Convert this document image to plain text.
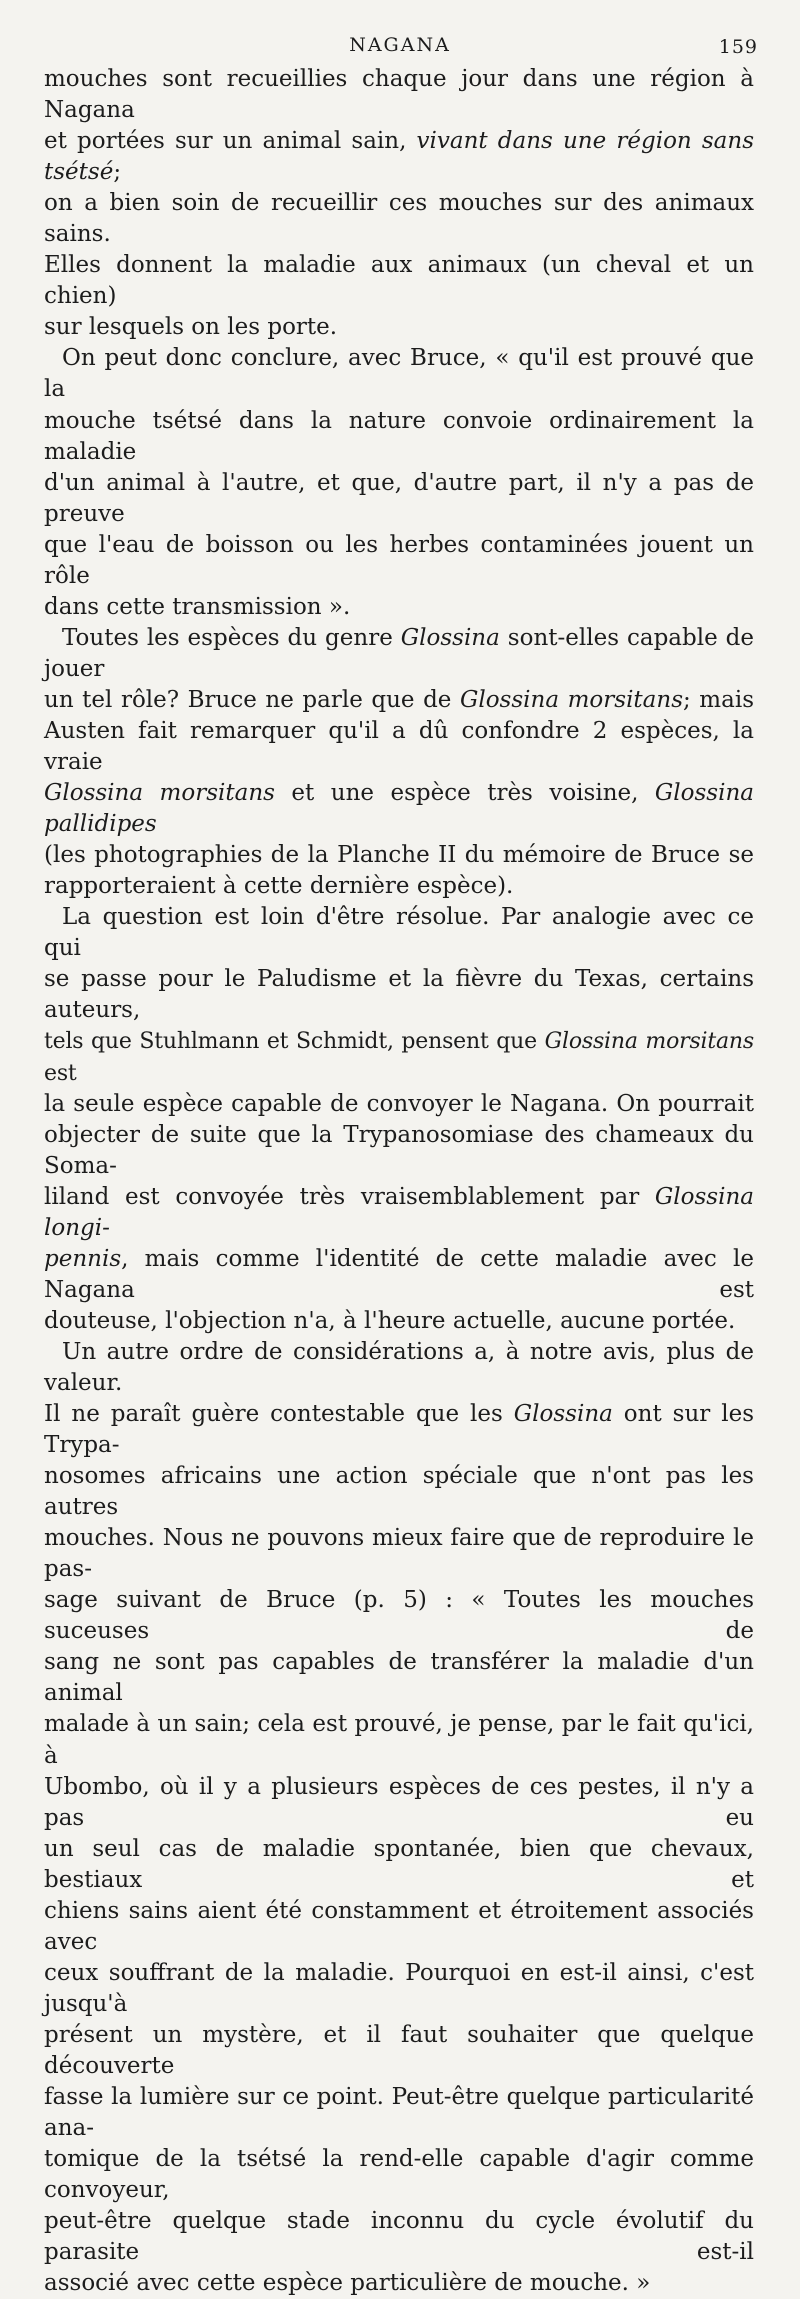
NAGANA	159

mouches sont recueillies chaque jour dans une région à Nagana

et portées sur un animal sain, vivant dans une région sans tsétsé;

on a bien soin de recueillir ces mouches sur des animaux sains.

Elles donnent la maladie aux animaux (un cheval et un chien)

sur lesquels on les porte.

On peut donc conclure, avec Bruce, « qu'il est prouvé que la

mouche tsétsé dans la nature convoie ordinairement la maladie

d'un animal à l'autre, et que, d'autre part, il n'y a pas de preuve

que l'eau de boisson ou les herbes contaminées jouent un rôle

dans cette transmission ».

Toutes les espèces du genre Glossina sont-elles capable de jouer

un tel rôle? Bruce ne parle que de Glossina morsitans; mais

Austen fait remarquer qu'il a dû confondre 2 espèces, la vraie

Glossina morsitans et une espèce très voisine, Glossina pallidipes

(les photographies de la Planche II du mémoire de Bruce se

rapporteraient à cette dernière espèce).

La question est loin d'être résolue. Par analogie avec ce qui

se passe pour le Paludisme et la fièvre du Texas, certains auteurs,

tels que Stuhlmann et Schmidt, pensent que Glossina morsitans est

la seule espèce capable de convoyer le Nagana. On pourrait

objecter de suite que la Trypanosomiase des chameaux du Soma-

liland est convoyée très vraisemblablement par Glossina longi-

pennis, mais comme l'identité de cette maladie avec le Nagana est

douteuse, l'objection n'a, à l'heure actuelle, aucune portée.

Un autre ordre de considérations a, à notre avis, plus de valeur.

Il ne paraît guère contestable que les Glossina ont sur les Trypa-

nosomes africains une action spéciale que n'ont pas les autres

mouches. Nous ne pouvons mieux faire que de reproduire le pas-

sage suivant de Bruce (p. 5) : « Toutes les mouches suceuses de

sang ne sont pas capables de transférer la maladie d'un animal

malade à un sain; cela est prouvé, je pense, par le fait qu'ici, à

Ubombo, où il y a plusieurs espèces de ces pestes, il n'y a pas eu

un seul cas de maladie spontanée, bien que chevaux, bestiaux et

chiens sains aient été constamment et étroitement associés avec

ceux souffrant de la maladie. Pourquoi en est-il ainsi, c'est jusqu'à

présent un mystère, et il faut souhaiter que quelque découverte

fasse la lumière sur ce point. Peut-être quelque particularité ana-

tomique de la tsétsé la rend-elle capable d'agir comme convoyeur,

peut-être quelque stade inconnu du cycle évolutif du parasite est-il

associé avec cette espèce particulière de mouche. »
